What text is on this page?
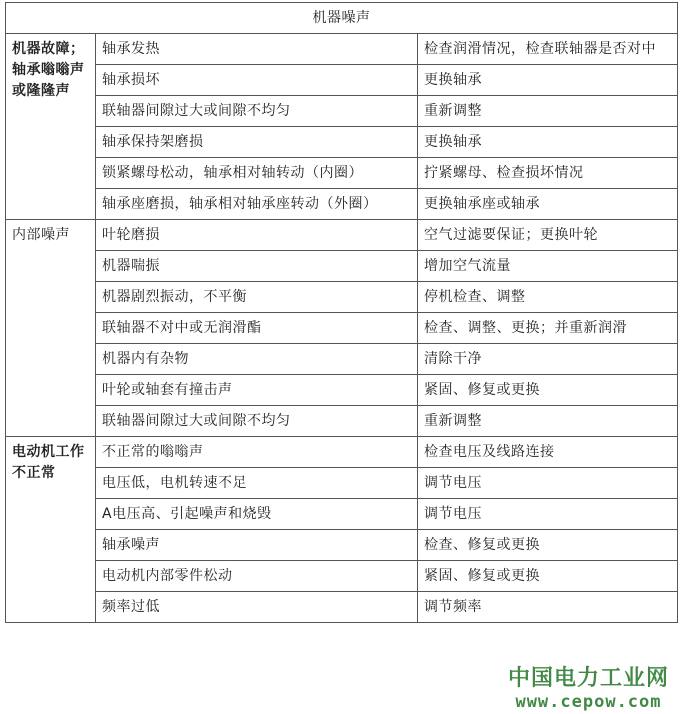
机器噪声		
机器故障；轴承嗡嗡声或隆隆声	轴承发热	检查润滑情况，检查联轴器是否对中
	轴承损坏	更换轴承
	联轴器间隙过大或间隙不均匀	重新调整
	轴承保持架磨损	更换轴承
	锁紧螺母松动，轴承相对轴转动（内圈）	拧紧螺母、检查损坏情况
	轴承座磨损，轴承相对轴承座转动（外圈）	更换轴承座或轴承
内部噪声	叶轮磨损	空气过滤要保证；更换叶轮
	机器喘振	增加空气流量
	机器剧烈振动，不平衡	停机检查、调整
	联轴器不对中或无润滑酯	检查、调整、更换；并重新润滑
	机器内有杂物	清除干净
	叶轮或轴套有撞击声	紧固、修复或更换
	联轴器间隙过大或间隙不均匀	重新调整
电动机工作不正常	不正常的嗡嗡声	检查电压及线路连接
	电压低，电机转速不足	调节电压
	A电压高、引起噪声和烧毁	调节电压
	轴承噪声	检查、修复或更换
	电动机内部零件松动	紧固、修复或更换
	频率过低	调节频率
中国电力工业网
www.cepow.com
